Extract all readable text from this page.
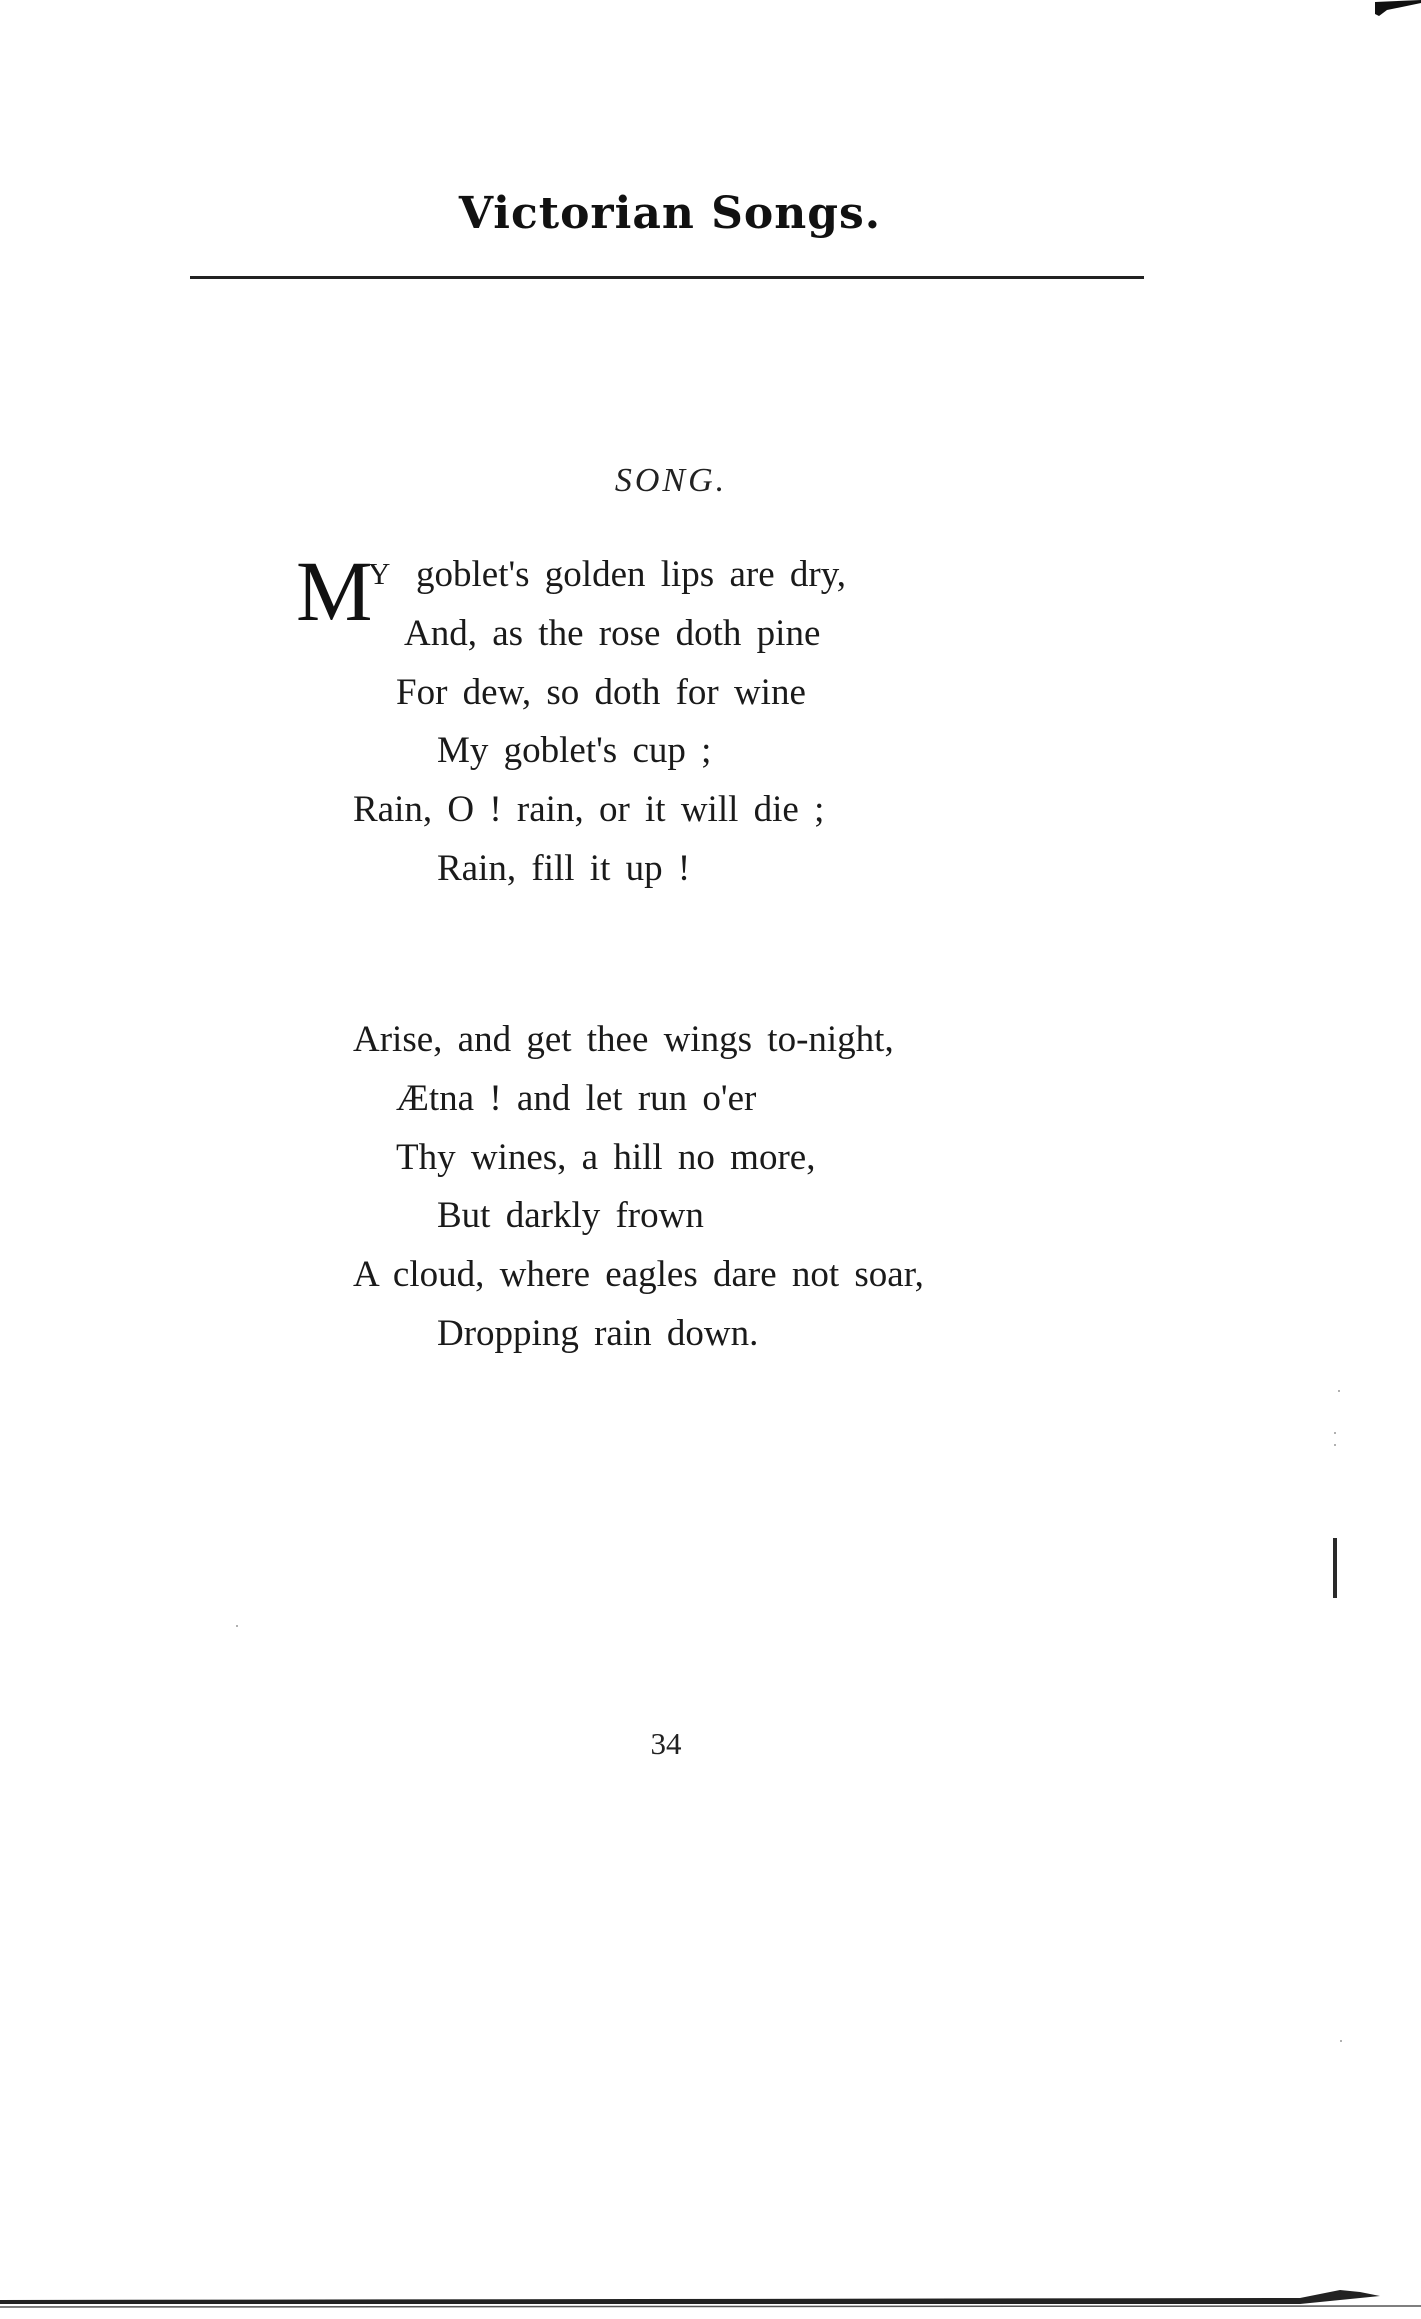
Victorian Songs.
SONG.
M
Y goblet's golden lips are dry,
And, as the rose doth pine
For dew, so doth for wine
My goblet's cup ;
Rain, O ! rain, or it will die ;
Rain, fill it up !
Arise, and get thee wings to-night,
Ætna ! and let run o'er
Thy wines, a hill no more,
But darkly frown
A cloud, where eagles dare not soar,
Dropping rain down.
34
